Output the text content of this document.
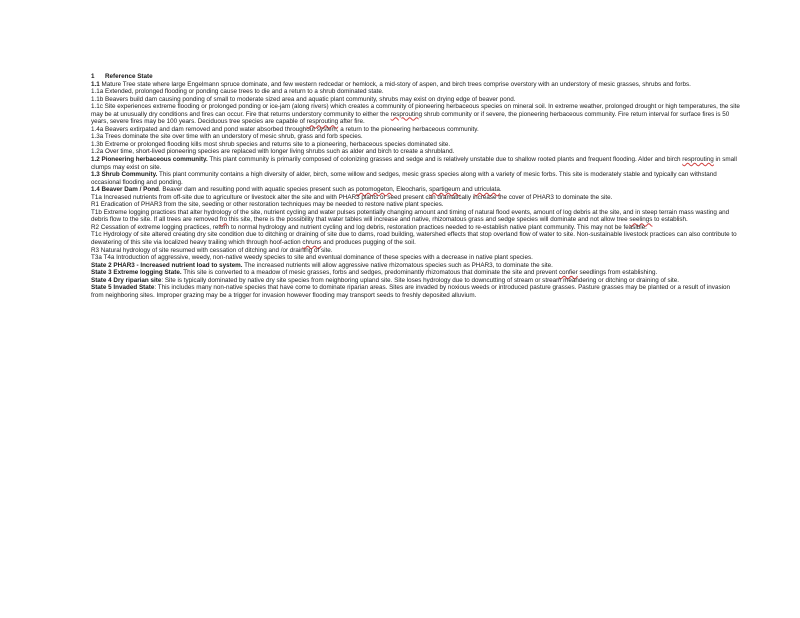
1 Reference State

1.1 Mature Tree state where large Engelmann spruce dominate, and few western redcedar or hemlock, a mid-story of aspen, and birch trees comprise overstory with an understory of mesic grasses, shrubs and forbs.

1.1a Extended, prolonged flooding or ponding cause trees to die and a return to a shrub dominated state.

1.1b Beavers build dam causing ponding of small to moderate sized area and aquatic plant community, shrubs may exist on drying edge of beaver pond.

1.1c Site experiences extreme flooding or prolonged ponding or ice-jam (along rivers) which creates a community of pioneering herbaceous species on mineral soil. In extreme weather, prolonged drought or high temperatures, the site may be at unusually dry conditions and fires can occur. Fire that returns understory community to either the resprouting shrub community or if severe, the pioneering herbaceous community. Fire return interval for surface fires is 50 years, severe fires may be 100 years. Deciduous tree species are capable of resprouting after fire.

1.4a Beavers extirpated and dam removed and pond water absorbed throughout system, a return to the pioneering herbaceous community.

1.3a Trees dominate the site over time with an understory of mesic shrub, grass and forb species.

1.3b Extreme or prolonged flooding kills most shrub species and returns site to a pioneering, herbaceous species dominated site.

1.2a Over time, short-lived pioneering species are replaced with longer living shrubs such as alder and birch to create a shrubland.

1.2 Pioneering herbaceous community. This plant community is primarily composed of colonizing grasses and sedge and is relatively unstable due to shallow rooted plants and frequent flooding. Alder and birch resprouting in small clumps may exist on site.

1.3 Shrub Community. This plant community contains a high diversity of alder, birch, some willow and sedges, mesic grass species along with a variety of mesic forbs. This site is moderately stable and typically can withstand occasional flooding and ponding.

1.4 Beaver Dam / Pond. Beaver dam and resulting pond with aquatic species present such as potomogeton, Eleocharis, spartigeum and utriculata.

T1a Increased nutrients from off-site due to agriculture or livestock alter the site and with PHAR3 plants or seed present can dramatically increase the cover of PHAR3 to dominate the site.

R1 Eradication of PHAR3 from the site, seeding or other restoration techniques may be needed to restore native plant species.

T1b Extreme logging practices that alter hydrology of the site, nutrient cycling and water pulses potentially changing amount and timing of natural flood events, amount of log debris at the site, and in steep terrain mass wasting and debris flow to the site. If all trees are removed fro this site, there is the possibility that water tables will increase and native, rhizomatous grass and sedge species will dominate and not allow tree seelings to establish.

R2 Cessation of extreme logging practices, return to normal hydrology and nutrient cycling and log debris, restoration practices needed to re-establish native plant community. This may not be feasible.

T1c Hydrology of site altered creating dry site condition due to ditching or draining of site due to dams, road building, watershed effects that stop overland flow of water to site. Non-sustainable livestock practices can also contribute to dewatering of this site via localized heavy trailing which through hoof-action chruns and produces pugging of the soil.

R3 Natural hydrology of site resumed with cessation of ditching and /or draining of site.

T3a T4a Introduction of aggressive, weedy, non-native weedy species to site and eventual dominance of these species with a decrease in native plant species.

State 2 PHAR3 - Increased nutrient load to system. The increased nutrients will allow aggressive native rhizomatous species such as PHAR3, to dominate the site.

State 3 Extreme logging State. This site is converted to a meadow of mesic grasses, forbs and sedges, predominantly rhizomatous that dominate the site and prevent confier seedlings from establishing.

State 4 Dry riparian site: Site is typically dominated by native dry site species from neighboring upland site. Site loses hydrology due to downcutting of stream or stream meandering or ditching or draining of site.

State 5 Invaded State: This includes many non-native species that have come to dominate riparian areas. Sites are invaded by noxious weeds or introduced pasture grasses. Pasture grasses may be planted or a result of invasion from neighboring sites. Improper grazing may be a trigger for invasion however flooding may transport seeds to freshly deposited alluvium.
